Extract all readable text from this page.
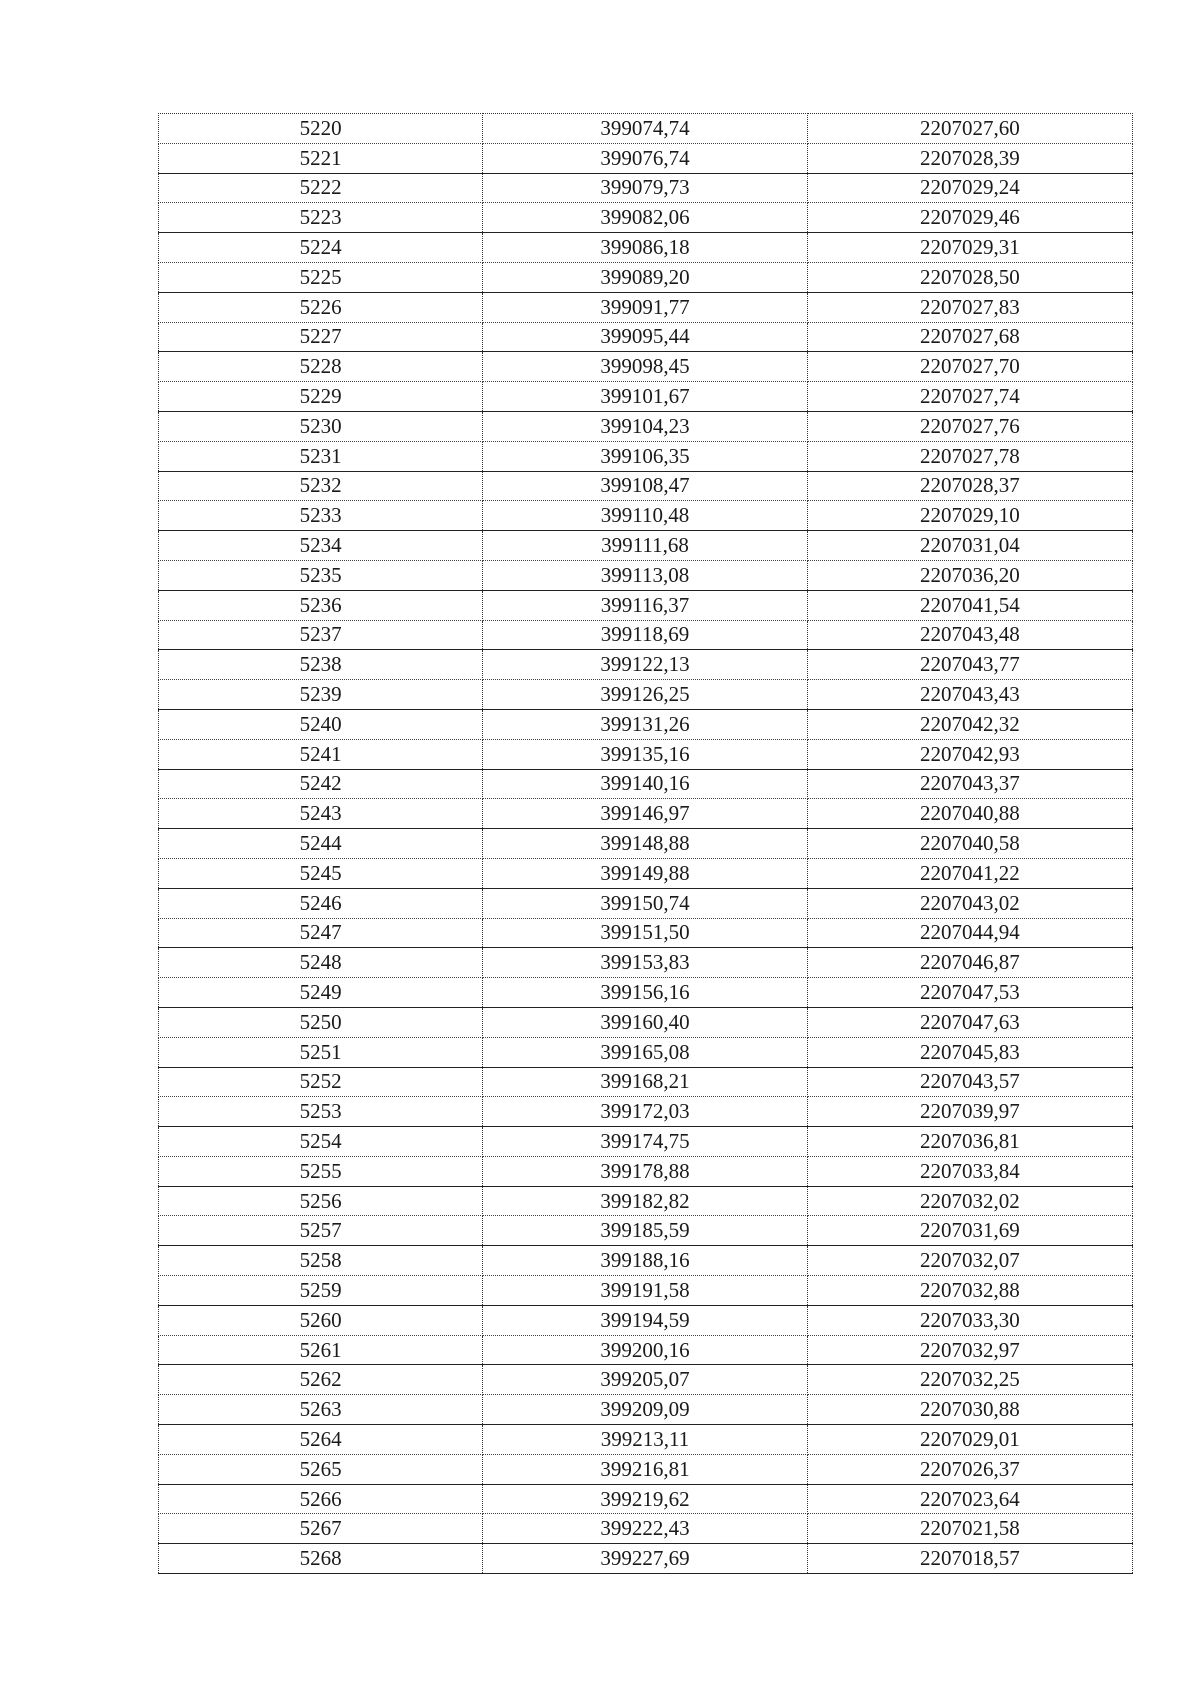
5220	399074,74	2207027,60
5221	399076,74	2207028,39
5222	399079,73	2207029,24
5223	399082,06	2207029,46
5224	399086,18	2207029,31
5225	399089,20	2207028,50
5226	399091,77	2207027,83
5227	399095,44	2207027,68
5228	399098,45	2207027,70
5229	399101,67	2207027,74
5230	399104,23	2207027,76
5231	399106,35	2207027,78
5232	399108,47	2207028,37
5233	399110,48	2207029,10
5234	399111,68	2207031,04
5235	399113,08	2207036,20
5236	399116,37	2207041,54
5237	399118,69	2207043,48
5238	399122,13	2207043,77
5239	399126,25	2207043,43
5240	399131,26	2207042,32
5241	399135,16	2207042,93
5242	399140,16	2207043,37
5243	399146,97	2207040,88
5244	399148,88	2207040,58
5245	399149,88	2207041,22
5246	399150,74	2207043,02
5247	399151,50	2207044,94
5248	399153,83	2207046,87
5249	399156,16	2207047,53
5250	399160,40	2207047,63
5251	399165,08	2207045,83
5252	399168,21	2207043,57
5253	399172,03	2207039,97
5254	399174,75	2207036,81
5255	399178,88	2207033,84
5256	399182,82	2207032,02
5257	399185,59	2207031,69
5258	399188,16	2207032,07
5259	399191,58	2207032,88
5260	399194,59	2207033,30
5261	399200,16	2207032,97
5262	399205,07	2207032,25
5263	399209,09	2207030,88
5264	399213,11	2207029,01
5265	399216,81	2207026,37
5266	399219,62	2207023,64
5267	399222,43	2207021,58
5268	399227,69	2207018,57
